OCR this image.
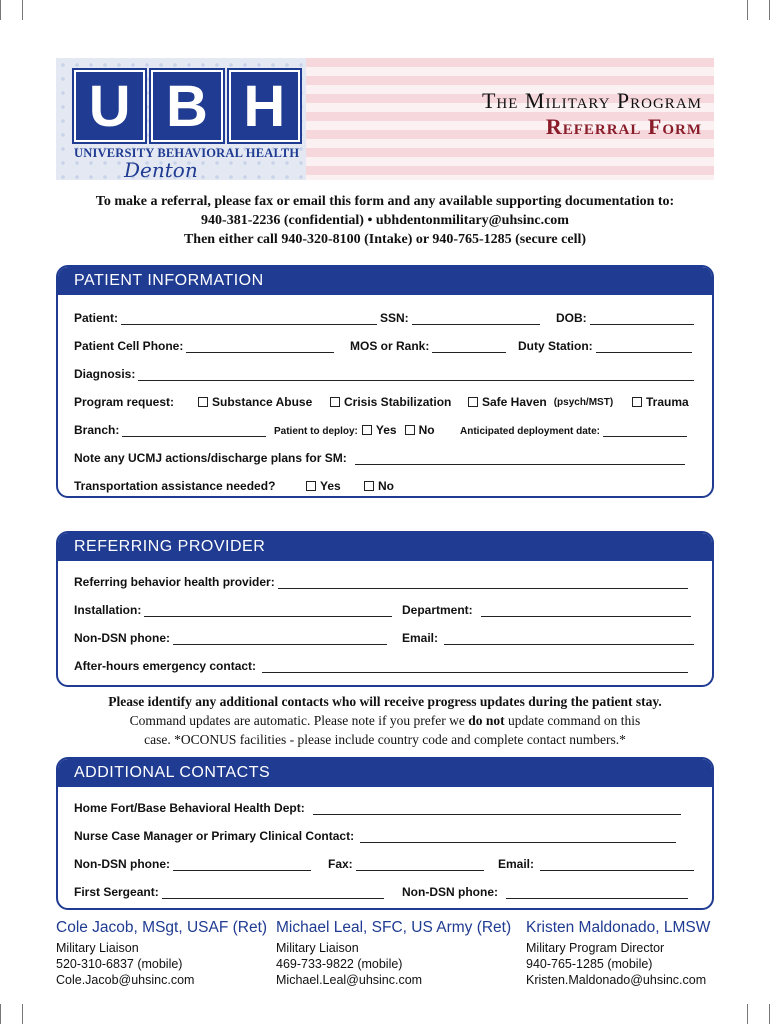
U B H
UNIVERSITY BEHAVIORAL HEALTH
Denton
The Military Program
Referral Form
To make a referral, please fax or email this form and any available supporting documentation to:
940-381-2236 (confidential) • ubhdentonmilitary@uhsinc.com
Then either call 940-320-8100 (Intake) or 940-765-1285 (secure cell)
PATIENT INFORMATION
Patient:	SSN:	DOB:
Patient Cell Phone:	MOS or Rank:	Duty Station:
Diagnosis:
Program request:	Substance Abuse	Crisis Stabilization	Safe Haven (psych/MST)	Trauma
Branch:	Patient to deploy: Yes No	Anticipated deployment date:
Note any UCMJ actions/discharge plans for SM:
Transportation assistance needed?	Yes	No
REFERRING PROVIDER
Referring behavior health provider:
Installation:	Department:
Non-DSN phone:	Email:
After-hours emergency contact:
Please identify any additional contacts who will receive progress updates during the patient stay.
Command updates are automatic. Please note if you prefer we do not update command on this
case. *OCONUS facilities - please include country code and complete contact numbers.*
ADDITIONAL CONTACTS
Home Fort/Base Behavioral Health Dept:
Nurse Case Manager or Primary Clinical Contact:
Non-DSN phone:	Fax:	Email:
First Sergeant:	Non-DSN phone:
Cole Jacob, MSgt, USAF (Ret)
Military Liaison
520-310-6837 (mobile)
Cole.Jacob@uhsinc.com
Michael Leal, SFC, US Army (Ret)
Military Liaison
469-733-9822 (mobile)
Michael.Leal@uhsinc.com
Kristen Maldonado, LMSW
Military Program Director
940-765-1285 (mobile)
Kristen.Maldonado@uhsinc.com
